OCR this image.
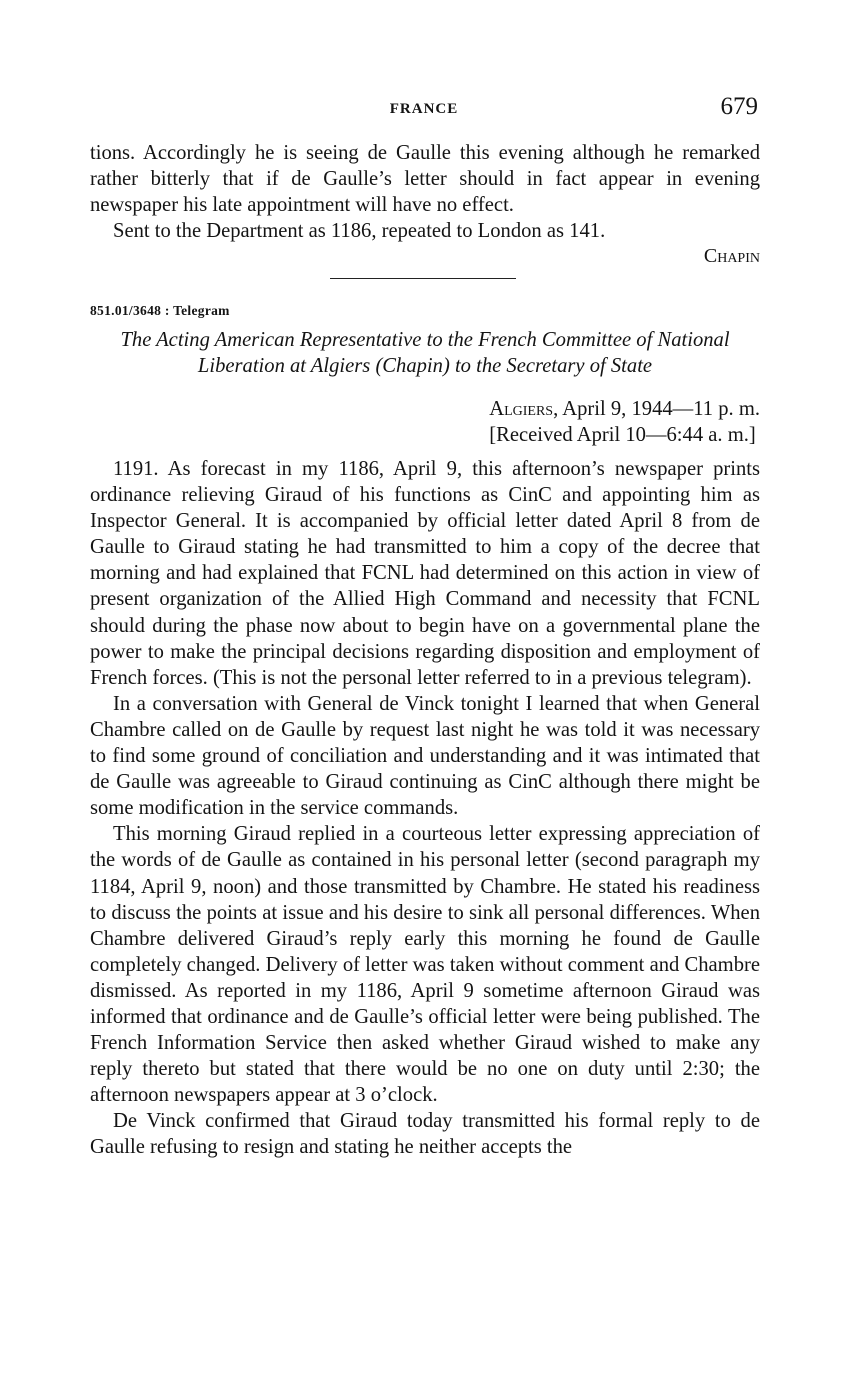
FRANCE	679

tions. Accordingly he is seeing de Gaulle this evening although he remarked rather bitterly that if de Gaulle’s letter should in fact appear in evening newspaper his late appointment will have no effect.

Sent to the Department as 1186, repeated to London as 141.

Chapin
851.01/3648 : Telegram
The Acting American Representative to the French Committee of National Liberation at Algiers (Chapin) to the Secretary of State
Algiers, April 9, 1944—11 p. m.
[Received April 10—6:44 a. m.]

1191. As forecast in my 1186, April 9, this afternoon’s newspaper prints ordinance relieving Giraud of his functions as CinC and appointing him as Inspector General. It is accompanied by official letter dated April 8 from de Gaulle to Giraud stating he had transmitted to him a copy of the decree that morning and had explained that FCNL had determined on this action in view of present organization of the Allied High Command and necessity that FCNL should during the phase now about to begin have on a governmental plane the power to make the principal decisions regarding disposition and employment of French forces. (This is not the personal letter referred to in a previous telegram).

In a conversation with General de Vinck tonight I learned that when General Chambre called on de Gaulle by request last night he was told it was necessary to find some ground of conciliation and understanding and it was intimated that de Gaulle was agreeable to Giraud continuing as CinC although there might be some modification in the service commands.

This morning Giraud replied in a courteous letter expressing appreciation of the words of de Gaulle as contained in his personal letter (second paragraph my 1184, April 9, noon) and those transmitted by Chambre. He stated his readiness to discuss the points at issue and his desire to sink all personal differences. When Chambre delivered Giraud’s reply early this morning he found de Gaulle completely changed. Delivery of letter was taken without comment and Chambre dismissed. As reported in my 1186, April 9 sometime afternoon Giraud was informed that ordinance and de Gaulle’s official letter were being published. The French Information Service then asked whether Giraud wished to make any reply thereto but stated that there would be no one on duty until 2:30; the afternoon newspapers appear at 3 o’clock.

De Vinck confirmed that Giraud today transmitted his formal reply to de Gaulle refusing to resign and stating he neither accepts the
